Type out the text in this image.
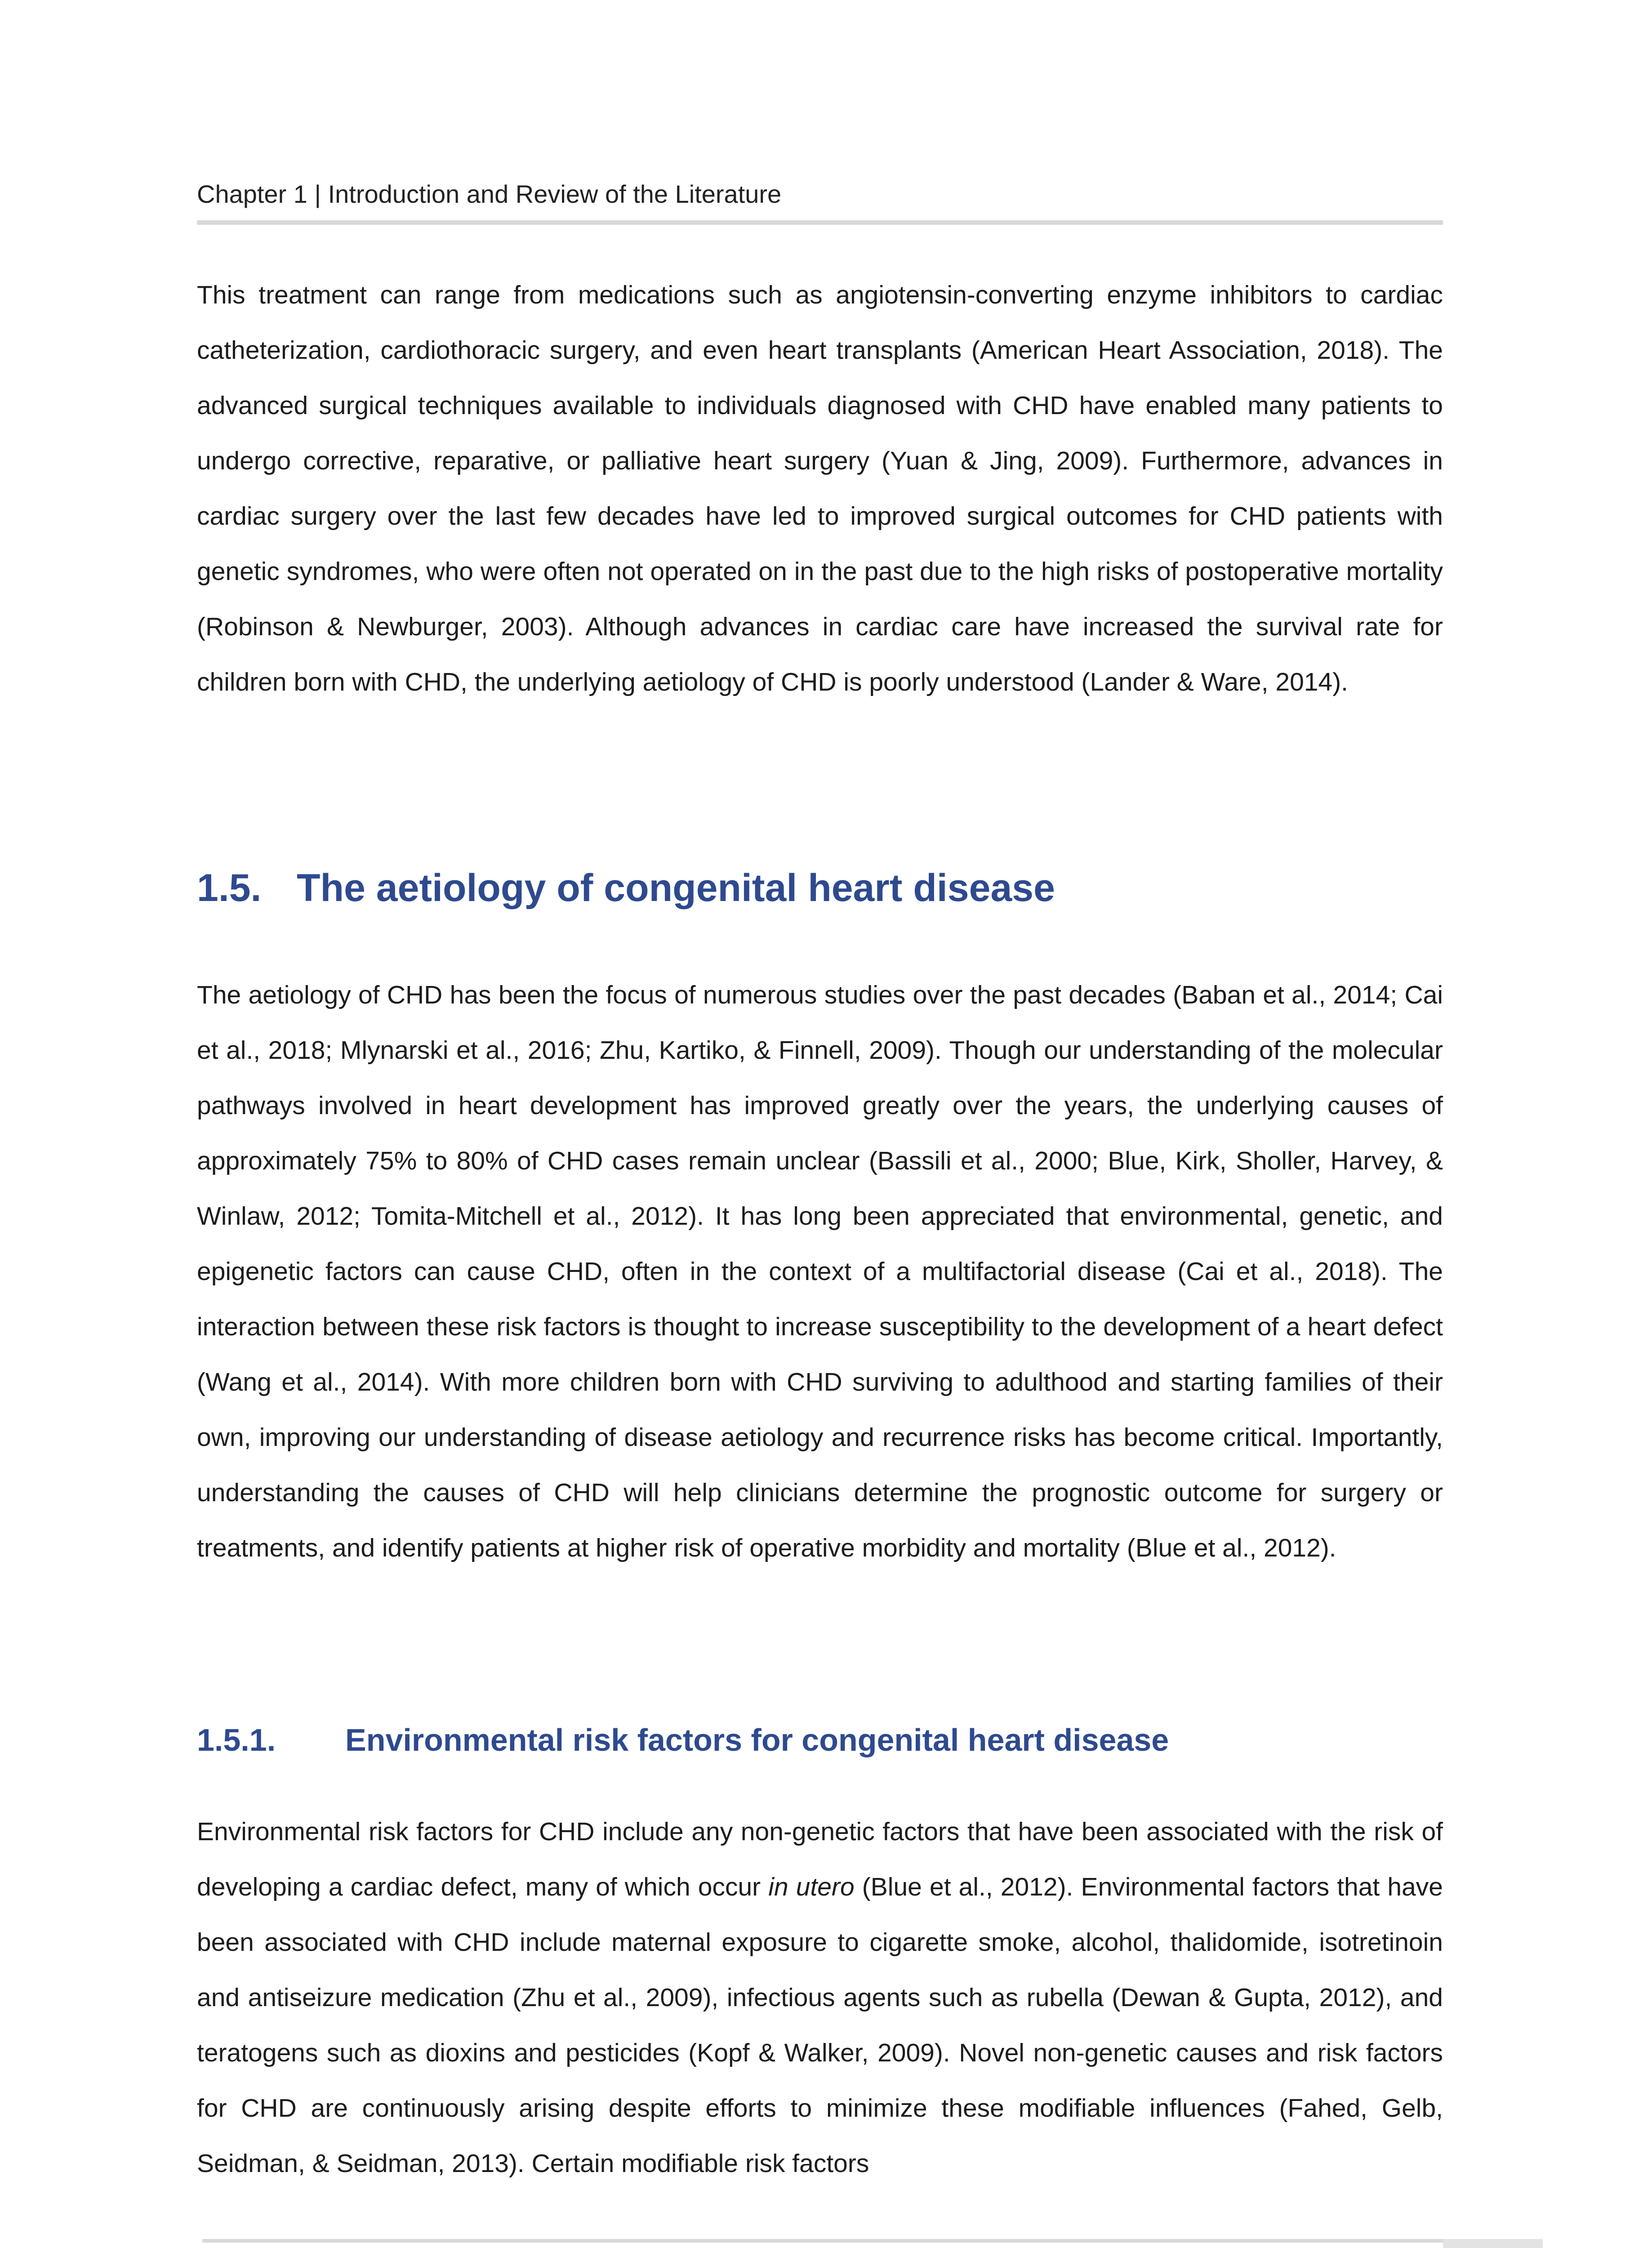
Chapter 1 | Introduction and Review of the Literature

This treatment can range from medications such as angiotensin-converting enzyme inhibitors to cardiac catheterization, cardiothoracic surgery, and even heart transplants (American Heart Association, 2018). The advanced surgical techniques available to individuals diagnosed with CHD have enabled many patients to undergo corrective, reparative, or palliative heart surgery (Yuan & Jing, 2009). Furthermore, advances in cardiac surgery over the last few decades have led to improved surgical outcomes for CHD patients with genetic syndromes, who were often not operated on in the past due to the high risks of postoperative mortality (Robinson & Newburger, 2003). Although advances in cardiac care have increased the survival rate for children born with CHD, the underlying aetiology of CHD is poorly understood (Lander & Ware, 2014).

1.5. The aetiology of congenital heart disease

The aetiology of CHD has been the focus of numerous studies over the past decades (Baban et al., 2014; Cai et al., 2018; Mlynarski et al., 2016; Zhu, Kartiko, & Finnell, 2009). Though our understanding of the molecular pathways involved in heart development has improved greatly over the years, the underlying causes of approximately 75% to 80% of CHD cases remain unclear (Bassili et al., 2000; Blue, Kirk, Sholler, Harvey, & Winlaw, 2012; Tomita-Mitchell et al., 2012). It has long been appreciated that environmental, genetic, and epigenetic factors can cause CHD, often in the context of a multifactorial disease (Cai et al., 2018). The interaction between these risk factors is thought to increase susceptibility to the development of a heart defect (Wang et al., 2014). With more children born with CHD surviving to adulthood and starting families of their own, improving our understanding of disease aetiology and recurrence risks has become critical. Importantly, understanding the causes of CHD will help clinicians determine the prognostic outcome for surgery or treatments, and identify patients at higher risk of operative morbidity and mortality (Blue et al., 2012).

1.5.1. Environmental risk factors for congenital heart disease

Environmental risk factors for CHD include any non-genetic factors that have been associated with the risk of developing a cardiac defect, many of which occur in utero (Blue et al., 2012). Environmental factors that have been associated with CHD include maternal exposure to cigarette smoke, alcohol, thalidomide, isotretinoin and antiseizure medication (Zhu et al., 2009), infectious agents such as rubella (Dewan & Gupta, 2012), and teratogens such as dioxins and pesticides (Kopf & Walker, 2009). Novel non-genetic causes and risk factors for CHD are continuously arising despite efforts to minimize these modifiable influences (Fahed, Gelb, Seidman, & Seidman, 2013). Certain modifiable risk factors
